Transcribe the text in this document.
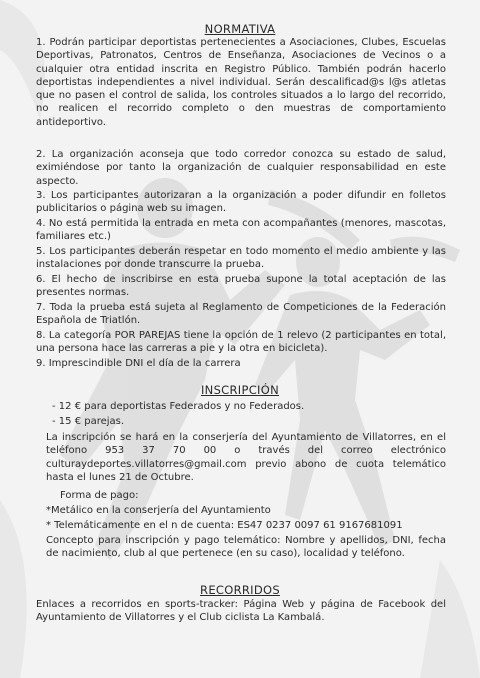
NORMATIVA

1. Podrán participar deportistas pertenecientes a Asociaciones, Clubes, Escuelas Deportivas, Patronatos, Centros de Enseñanza, Asociaciones de Vecinos o a cualquier otra entidad inscrita en Registro Público. También podrán hacerlo deportistas independientes a nivel individual. Serán descalificad@s l@s atletas que no pasen el control de salida, los controles situados a lo largo del recorrido, no realicen el recorrido completo o den muestras de comportamiento antideportivo.

2. La organización aconseja que todo corredor conozca su estado de salud, eximiéndose por tanto la organización de cualquier responsabilidad en este aspecto.

3. Los participantes autorizaran a la organización a poder difundir en folletos publicitarios o página web su imagen.

4. No está permitida la entrada en meta con acompañantes (menores, mascotas, familiares etc.)

5. Los participantes deberán respetar en todo momento el medio ambiente y las instalaciones por donde transcurre la prueba.

6. El hecho de inscribirse en esta prueba supone la total aceptación de las presentes normas.

7. Toda la prueba está sujeta al Reglamento de Competiciones de la Federación Española de Triatlón.

8. La categoría POR PAREJAS tiene la opción de 1 relevo (2 participantes en total, una persona hace las carreras a pie y la otra en bicicleta).

9. Imprescindible DNI el día de la carrera

INSCRIPCIÓN

- 12 € para deportistas Federados y no Federados.

- 15 € parejas.

La inscripción se hará en la conserjería del Ayuntamiento de Villatorres, en el teléfono 953 37 70 00 o través del correo electrónico culturaydeportes.villatorres@gmail.com previo abono de cuota telemático hasta el lunes 21 de Octubre.

Forma de pago:

*Metálico en la conserjería del Ayuntamiento

* Telemáticamente en el n de cuenta: ES47 0237 0097 61 9167681091

Concepto para inscripción y pago telemático: Nombre y apellidos, DNI, fecha de nacimiento, club al que pertenece (en su caso), localidad y teléfono.

RECORRIDOS

Enlaces a recorridos en sports-tracker: Página Web y página de Facebook del Ayuntamiento de Villatorres y el Club ciclista La Kambalá.
